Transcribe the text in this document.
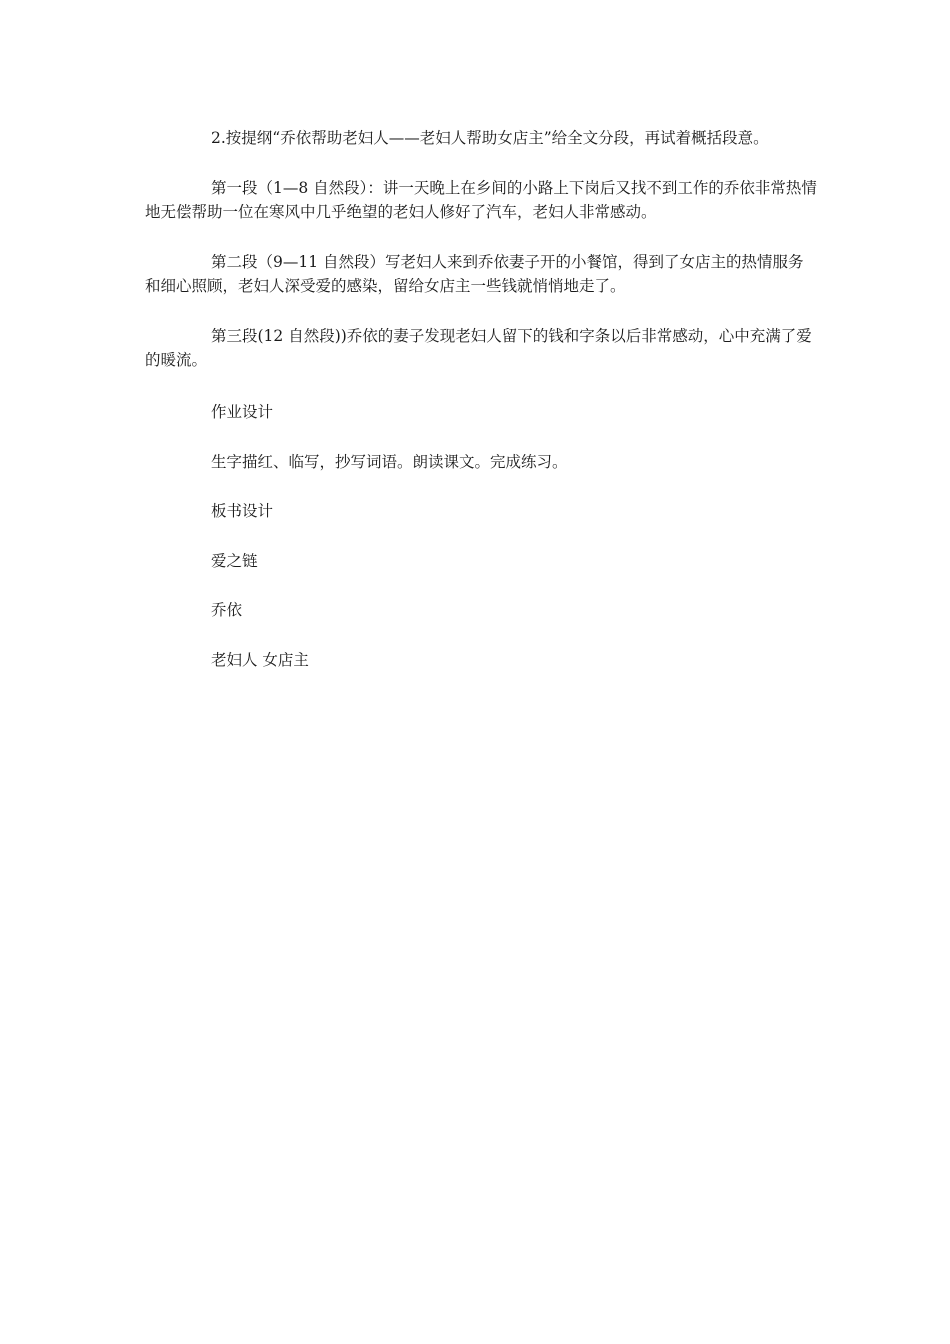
2.按提纲“乔依帮助老妇人——老妇人帮助女店主”给全文分段，再试着概括段意。

第一段（1—8 自然段）：讲一天晚上在乡间的小路上下岗后又找不到工作的乔依非常热情地无偿帮助一位在寒风中几乎绝望的老妇人修好了汽车，老妇人非常感动。

第二段（9—11 自然段）写老妇人来到乔依妻子开的小餐馆，得到了女店主的热情服务和细心照顾，老妇人深受爱的感染，留给女店主一些钱就悄悄地走了。

第三段(12 自然段))乔依的妻子发现老妇人留下的钱和字条以后非常感动，心中充满了爱的暖流。

作业设计

生字描红、临写，抄写词语。朗读课文。完成练习。

板书设计

爱之链

乔依

老妇人 女店主
